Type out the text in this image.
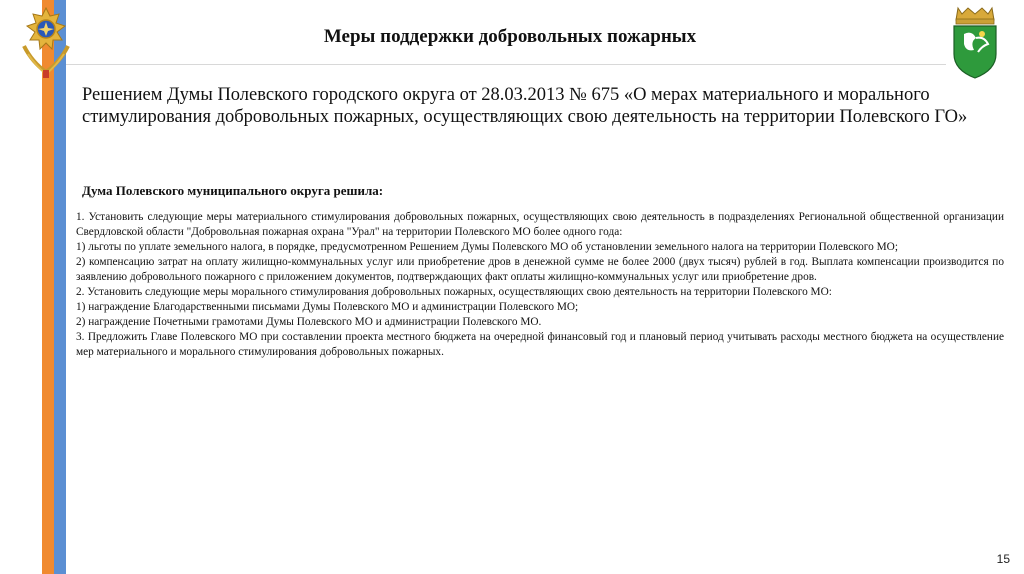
Меры поддержки добровольных пожарных
Решением Думы Полевского городского округа от 28.03.2013 № 675 «О мерах материального и морального стимулирования добровольных пожарных, осуществляющих свою деятельность на территории Полевского ГО»
Дума Полевского муниципального округа решила:

1. Установить следующие меры материального стимулирования добровольных пожарных, осуществляющих свою деятельность в подразделениях Региональной общественной организации Свердловской области "Добровольная пожарная охрана "Урал" на территории Полевского МО более одного года:

1) льготы по уплате земельного налога, в порядке, предусмотренном Решением Думы Полевского МО об установлении земельного налога на территории Полевского МО;

2) компенсацию затрат на оплату жилищно-коммунальных услуг или приобретение дров в денежной сумме не более 2000 (двух тысяч) рублей в год. Выплата компенсации производится по заявлению добровольного пожарного с приложением документов, подтверждающих факт оплаты жилищно-коммунальных услуг или приобретение дров.

2. Установить следующие меры морального стимулирования добровольных пожарных, осуществляющих свою деятельность на территории Полевского МО:

1) награждение Благодарственными письмами Думы Полевского МО и администрации Полевского МО;

2) награждение Почетными грамотами Думы Полевского МО и администрации Полевского МО.

3. Предложить Главе Полевского МО при составлении проекта местного бюджета на очередной финансовый год и плановый период учитывать расходы местного бюджета на осуществление мер материального и морального стимулирования добровольных пожарных.

15
